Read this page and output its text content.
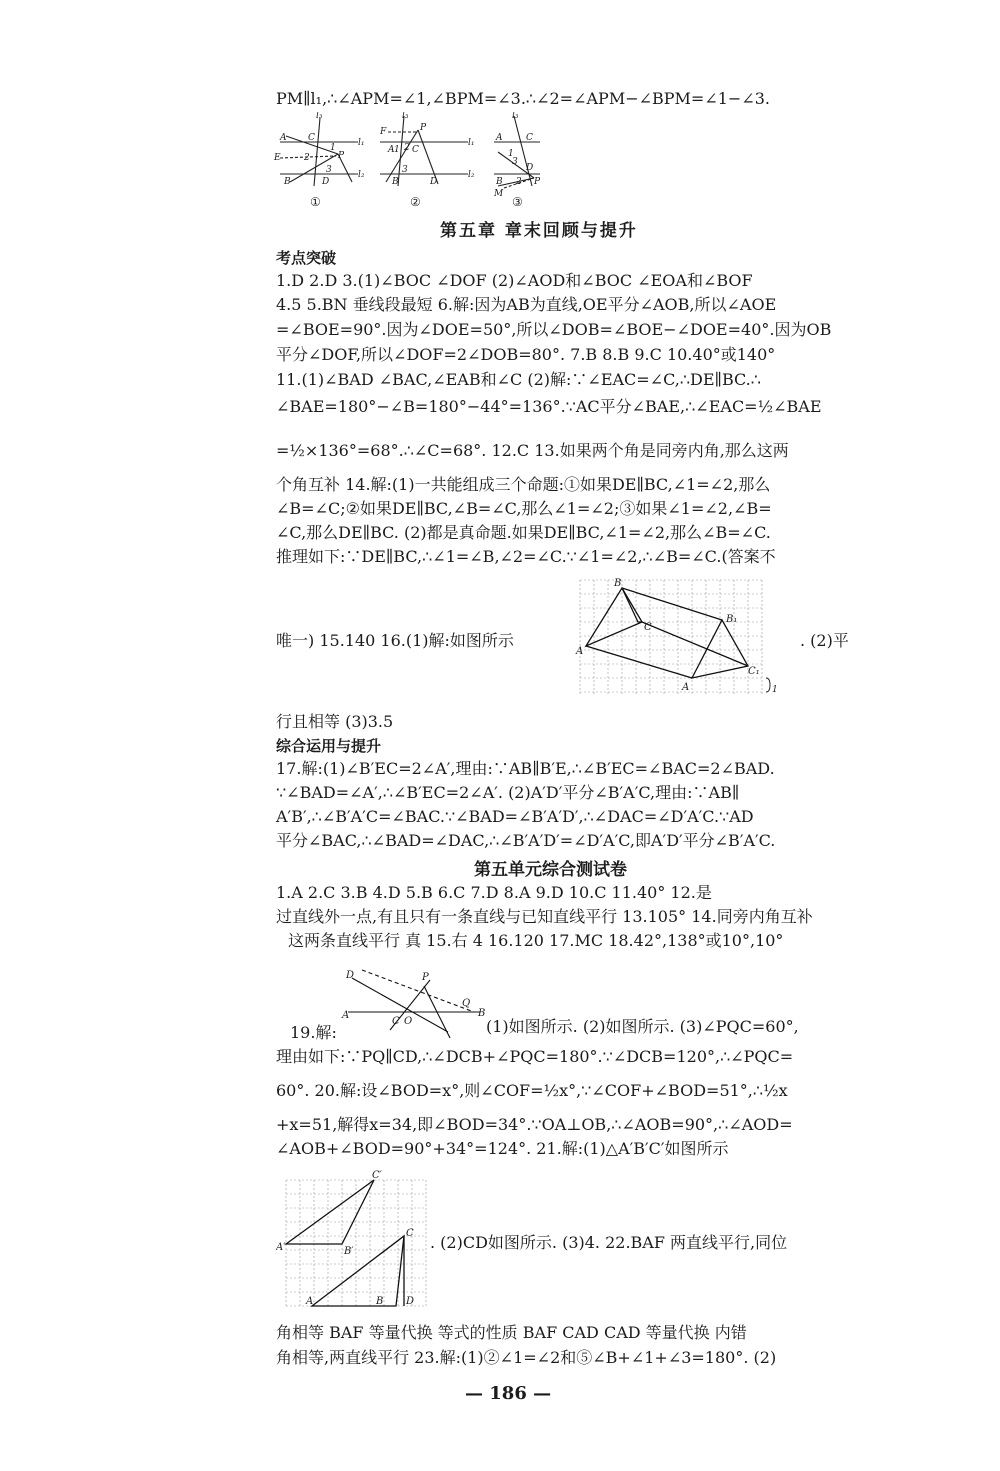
PM∥l₁,∴∠APM=∠1,∠BPM=∠3.∴∠2=∠APM−∠BPM=∠1−∠3.
l₃
A C	l₁
l₂
E	2	P
1
3
B	D
①
l₃
F	P
A 1 2 C
l₁
l₂
3
B	D
②
l₃
A	C
3
1
D
B 2
M
P
③
第五章 章末回顾与提升
考点突破
1.D 2.D 3.(1)∠BOC ∠DOF (2)∠AOD和∠BOC ∠EOA和∠BOF
4.5 5.BN 垂线段最短 6.解:因为AB为直线,OE平分∠AOB,所以∠AOE
=∠BOE=90°.因为∠DOE=50°,所以∠DOB=∠BOE−∠DOE=40°.因为OB
平分∠DOF,所以∠DOF=2∠DOB=80°. 7.B 8.B 9.C 10.40°或140°
11.(1)∠BAD ∠BAC,∠EAB和∠C (2)解:∵∠EAC=∠C,∴DE∥BC.∴
∠BAE=180°−∠B=180°−44°=136°.∵AC平分∠BAE,∴∠EAC=½∠BAE
=½×136°=68°.∴∠C=68°. 12.C 13.如果两个角是同旁内角,那么这两
个角互补 14.解:(1)一共能组成三个命题:①如果DE∥BC,∠1=∠2,那么
∠B=∠C;②如果DE∥BC,∠B=∠C,那么∠1=∠2;③如果∠1=∠2,∠B=
∠C,那么DE∥BC. (2)都是真命题.如果DE∥BC,∠1=∠2,那么∠B=∠C.
推理如下:∵DE∥BC,∴∠1=∠B,∠2=∠C.∵∠1=∠2,∴∠B=∠C.(答案不
B
C
A
B₁
C₁
A	1
唯一) 15.140 16.(1)解:如图所示	. (2)平
行且相等 (3)3.5
综合运用与提升
17.解:(1)∠B′EC=2∠A′,理由:∵AB∥B′E,∴∠B′EC=∠BAC=2∠BAD.
∵∠BAD=∠A′,∴∠B′EC=2∠A′. (2)A′D′平分∠B′A′C,理由:∵AB∥
A′B′,∴∠B′A′C=∠BAC.∵∠BAD=∠B′A′D′,∴∠DAC=∠D′A′C.∵AD
平分∠BAC,∴∠BAD=∠DAC,∴∠B′A′D′=∠D′A′C,即A′D′平分∠B′A′C.
第五单元综合测试卷
1.A 2.C 3.B 4.D 5.B 6.C 7.D 8.A 9.D 10.C 11.40° 12.是
过直线外一点,有且只有一条直线与已知直线平行 13.105° 14.同旁内角互补
这两条直线平行 真 15.右 4 16.120 17.MC 18.42°,138°或10°,10°
D	P
Q
A
C O
B
19.解:	(1)如图所示. (2)如图所示. (3)∠PQC=60°,
理由如下:∵PQ∥CD,∴∠DCB+∠PQC=180°.∵∠DCB=120°,∴∠PQC=
60°. 20.解:设∠BOD=x°,则∠COF=½x°,∵∠COF+∠BOD=51°,∴½x
+x=51,解得x=34,即∠BOD=34°.∵OA⊥OB,∴∠AOB=90°,∴∠AOD=
∠AOB+∠BOD=90°+34°=124°. 21.解:(1)△A′B′C′如图所示
C′
A′	B′
C
A	B D
. (2)CD如图所示. (3)4. 22.BAF 两直线平行,同位
角相等 BAF 等量代换 等式的性质 BAF CAD CAD 等量代换 内错
角相等,两直线平行 23.解:(1)②∠1=∠2和⑤∠B+∠1+∠3=180°. (2)
— 186 —
